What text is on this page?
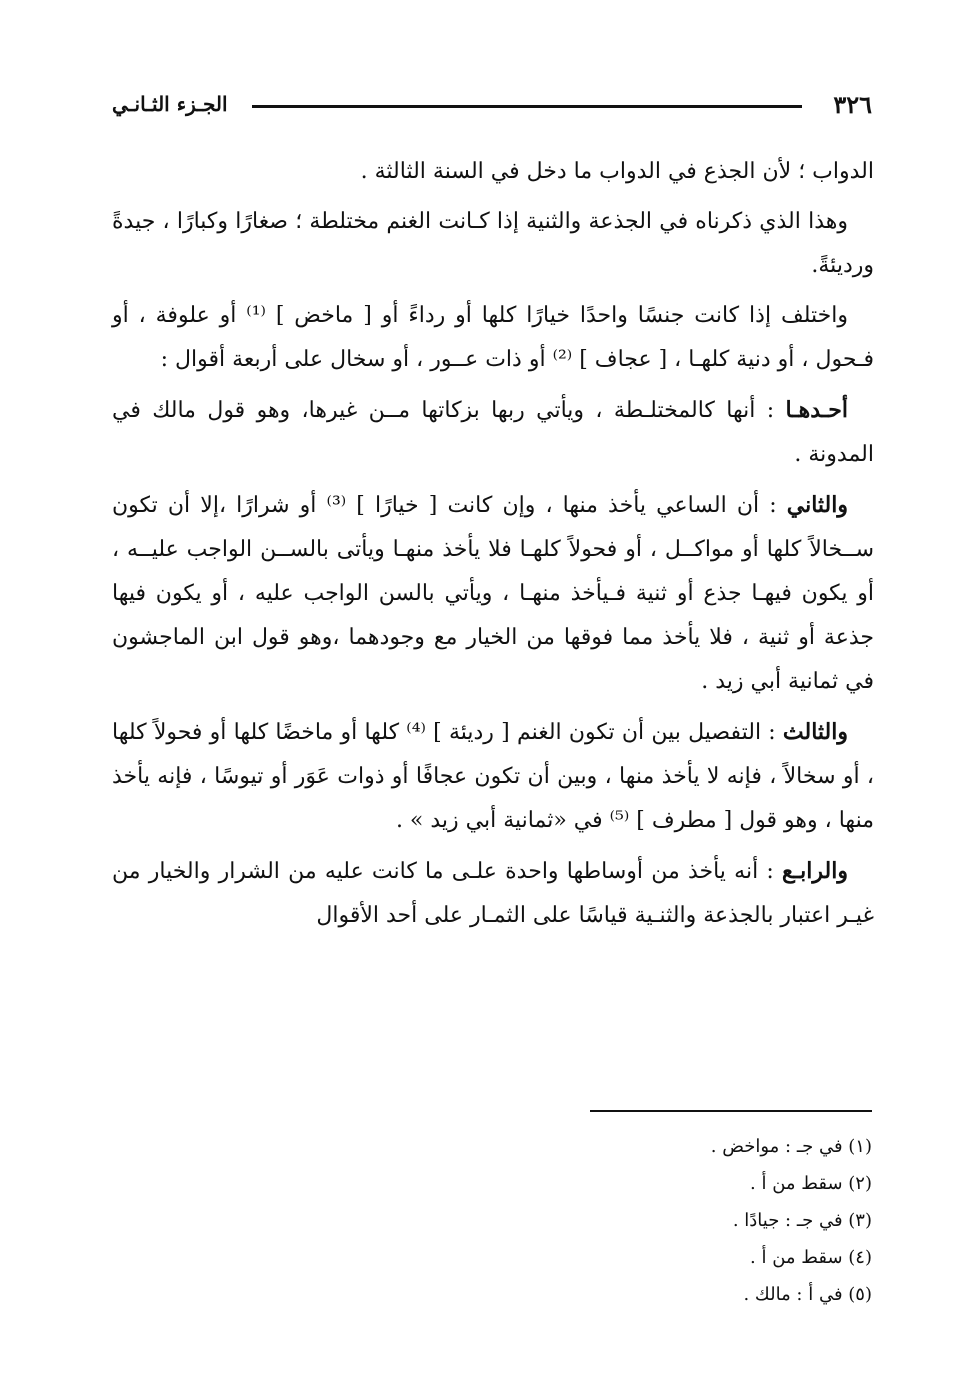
٣٢٦
الجـزء الثـانـي

الدواب ؛ لأن الجذع في الدواب ما دخل في السنة الثالثة .

وهذا الذي ذكرناه في الجذعة والثنية إذا كـانت الغنم مختلطة ؛ صغارًا وكبارًا ، جيدةً ورديئةً.

واختلف إذا كانت جنسًا واحدًا خيارًا كلها أو رداءً أو [ ماخض ] ⁽¹⁾ أو علوفة ، أو فـحول ، أو دنية كلهـا ، [ عجاف ] ⁽²⁾ أو ذات عــور ، أو سخال على أربعة أقوال :

أحـدهـا : أنها كالمختلـطة ، ويأتي ربها بزكاتها مــن غيرها، وهو قول مالك في المدونة .

والثاني : أن الساعي يأخذ منها ، وإن كانت [ خيارًا ] ⁽³⁾ أو شرارًا ،إلا أن تكون ســخالاً كلها أو مواكــل ، أو فحولاً كلهـا فلا يأخذ منهـا ويأتى بالســن الواجب عليــه ، أو يكون فيهـا جذع أو ثنية فـيأخذ منهـا ، ويأتي بالسن الواجب عليه ، أو يكون فيها جذعة أو ثنية ، فلا يأخذ مما فوقها من الخيار مع وجودهما ،وهو قول ابن الماجشون في ثمانية أبي زيد .

والثالث : التفصيل بين أن تكون الغنم [ رديئة ] ⁽⁴⁾ كلها أو ماخضًا كلها أو فحولاً كلها ، أو سخالاً ، فإنه لا يأخذ منها ، وبين أن تكون عجافًا أو ذوات عَوَر أو تيوسًا ، فإنه يأخذ منها ، وهو قول [ مطرف ] ⁽⁵⁾ في «ثمانية أبي زيد » .

والرابـع : أنه يأخذ من أوساطها واحدة علـى ما كانت عليه من الشرار والخيار من غيـر اعتبار بالجذعة والثنـية قياسًا على الثمـار على أحد الأقوال

(١) في جـ : مواخض .
(٢) سقط من أ .
(٣) في جـ : جيادًا .
(٤) سقط من أ .
(٥) في أ : مالك .
